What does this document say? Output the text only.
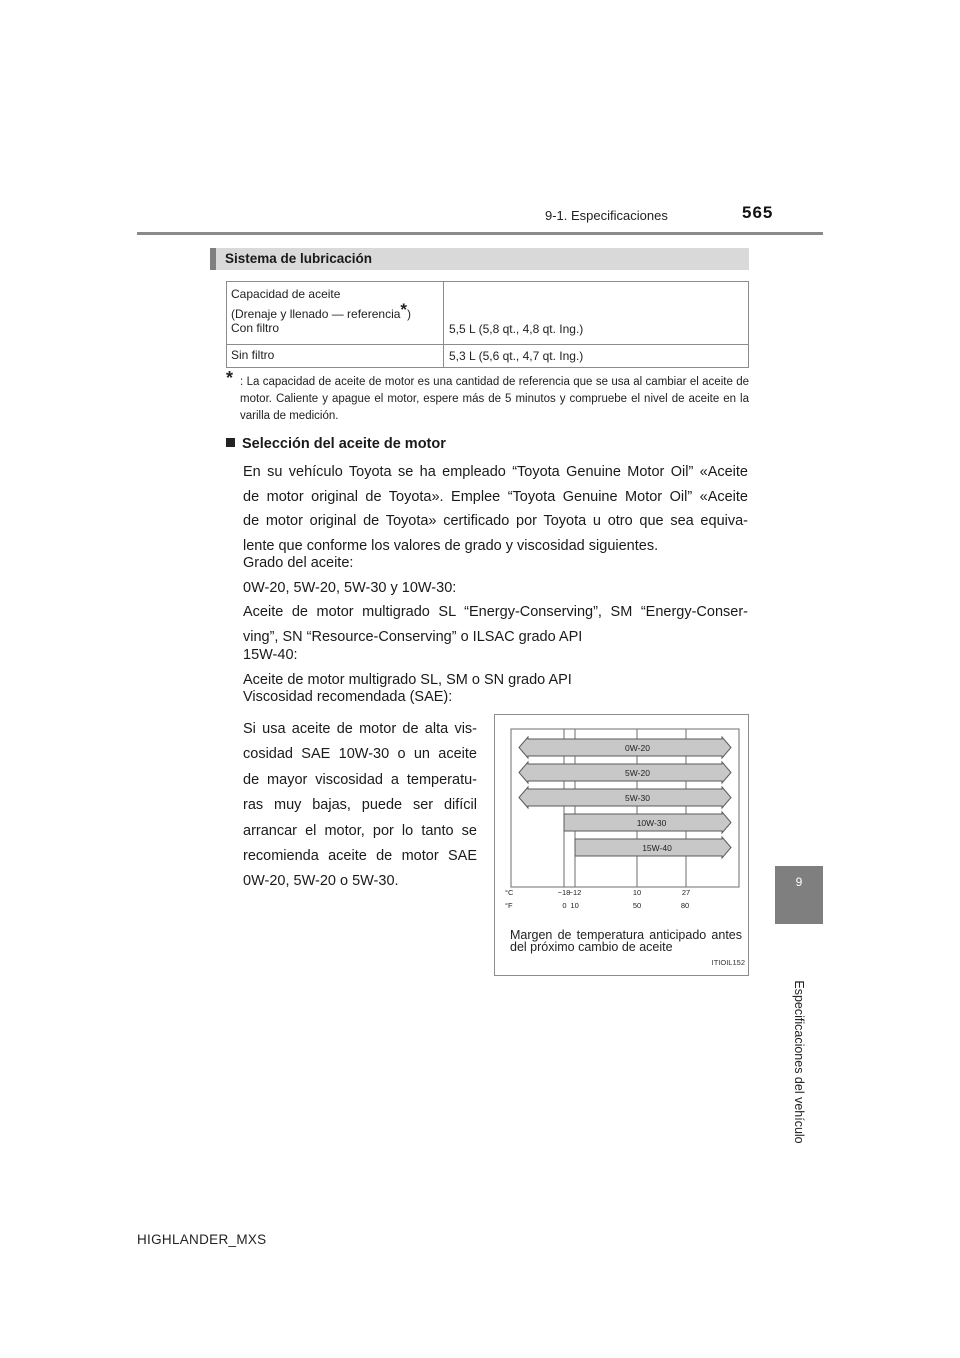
9-1. Especificaciones	565
9
Especificaciones del vehículo
Sistema de lubricación
Capacidad de aceite
(Drenaje y llenado — referencia*)
Con filtro	5,5 L (5,8 qt., 4,8 qt. Ing.)
Sin filtro	5,3 L (5,6 qt., 4,7 qt. Ing.)
* : La capacidad de aceite de motor es una cantidad de referencia que se usa al cambiar el aceite de motor. Caliente y apague el motor, espere más de 5 minutos y compruebe el nivel de aceite en la varilla de medición.
Selección del aceite de motor
En su vehículo Toyota se ha empleado “Toyota Genuine Motor Oil” «Aceite
de motor original de Toyota». Emplee “Toyota Genuine Motor Oil” «Aceite
de motor original de Toyota» certificado por Toyota u otro que sea equiva-
lente que conforme los valores de grado y viscosidad siguientes.
Grado del aceite:
0W-20, 5W-20, 5W-30 y 10W-30:
Aceite de motor multigrado SL “Energy-Conserving”, SM “Energy-Conser-
ving”, SN “Resource-Conserving” o ILSAC grado API
15W-40:
Aceite de motor multigrado SL, SM o SN grado API
Viscosidad recomendada (SAE):
Si usa aceite de motor de alta vis-
cosidad SAE 10W-30 o un aceite
de mayor viscosidad a temperatu-
ras muy bajas, puede ser difícil
arrancar el motor, por lo tanto se
recomienda aceite de motor SAE
0W-20, 5W-20 o 5W-30.
0W-20
5W-20
5W-30
10W-30
15W-40
°C
°F
−18
−12	10	27
0 10	50	80
Margen de temperatura anticipado antes del próximo cambio de aceite
ITIOIL152
HIGHLANDER_MXS
